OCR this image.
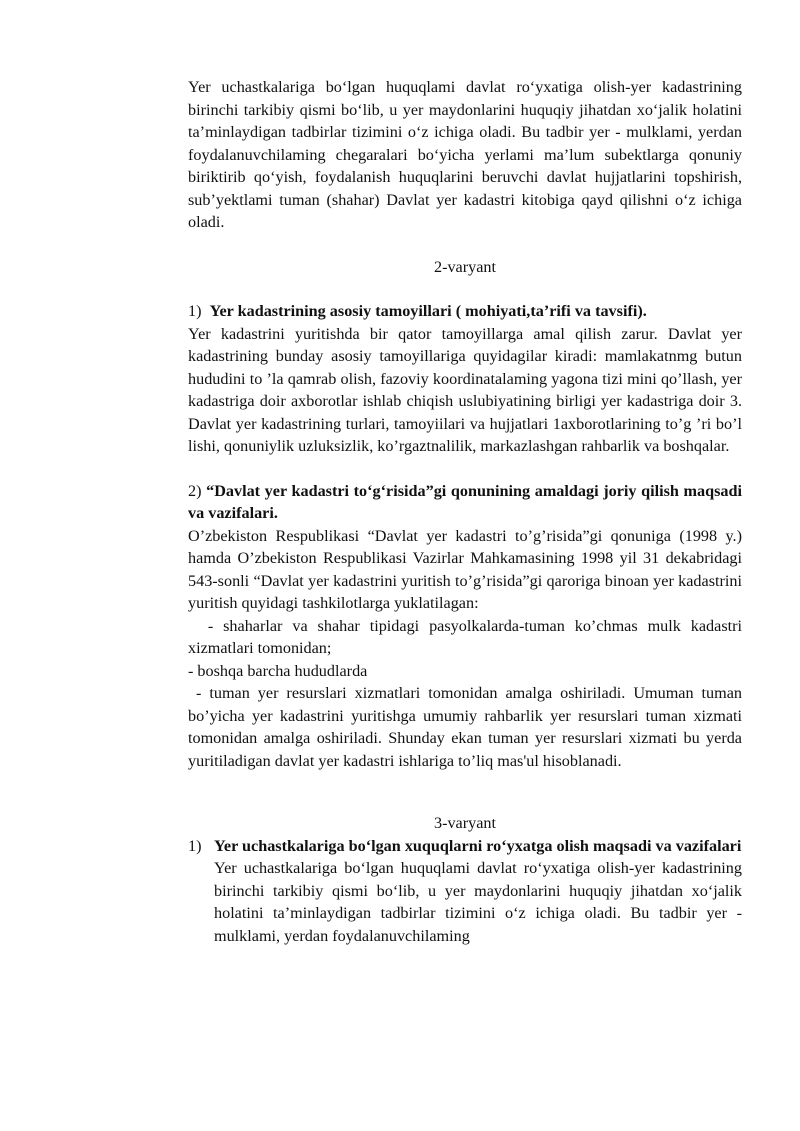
Yer uchastkalariga bo‘lgan huquqlami davlat ro‘yxatiga olish-yer kadastrining birinchi tarkibiy qismi bo‘lib, u yer maydonlarini huquqiy jihatdan xo‘jalik holatini ta’minlaydigan tadbirlar tizimini o‘z ichiga oladi. Bu tadbir yer - mulklami, yerdan foydalanuvchilaming chegaralari bo‘yicha yerlami ma’lum subektlarga qonuniy biriktirib qo‘yish, foydalanish huquqlarini beruvchi davlat hujjatlarini topshirish, sub’yektlami tuman (shahar) Davlat yer kadastri kitobiga qayd qilishni o‘z ichiga oladi.

2-varyant

1) Yer kadastrining asosiy tamoyillari ( mohiyati,ta’rifi va tavsifi).

Yer kadastrini yuritishda bir qator tamoyillarga amal qilish zarur. Davlat yer kadastrining bunday asosiy tamoyillariga quyidagilar kiradi: mamlakatnmg butun hududini to ’la qamrab olish, fazoviy koordinatalaming yagona tizi mini qo’llash, yer kadastriga doir axborotlar ishlab chiqish uslubiyatining birligi yer kadastriga doir 3. Davlat yer kadastrining turlari, tamoyiilari va hujjatlari 1axborotlarining to’g ’ri bo’l lishi, qonuniylik uzluksizlik, ko’rgaztnalilik, markazlashgan rahbarlik va boshqalar.

2) “Davlat yer kadastri to‘g‘risida”gi qonunining amaldagi joriy qilish maqsadi va vazifalari.

O’zbekiston Respublikasi “Davlat yer kadastri to’g’risida”gi qonuniga (1998 y.) hamda O’zbekiston Respublikasi Vazirlar Mahkamasining 1998 yil 31 dekabridagi 543-sonli “Davlat yer kadastrini yuritish to’g’risida”gi qaroriga binoan yer kadastrini yuritish quyidagi tashkilotlarga yuklatilagan:

- shaharlar va shahar tipidagi pasyolkalarda-tuman ko’chmas mulk kadastri xizmatlari tomonidan;

- boshqa barcha hududlarda

- tuman yer resurslari xizmatlari tomonidan amalga oshiriladi. Umuman tuman bo’yicha yer kadastrini yuritishga umumiy rahbarlik yer resurslari tuman xizmati tomonidan amalga oshiriladi. Shunday ekan tuman yer resurslari xizmati bu yerda yuritiladigan davlat yer kadastri ishlariga to’liq mas'ul hisoblanadi.

3-varyant

1) Yer uchastkalariga bo‘lgan xuquqlarni ro‘yxatga olish maqsadi va vazifalari

Yer uchastkalariga bo‘lgan huquqlami davlat ro‘yxatiga olish-yer kadastrining birinchi tarkibiy qismi bo‘lib, u yer maydonlarini huquqiy jihatdan xo‘jalik holatini ta’minlaydigan tadbirlar tizimini o‘z ichiga oladi. Bu tadbir yer - mulklami, yerdan foydalanuvchilaming
